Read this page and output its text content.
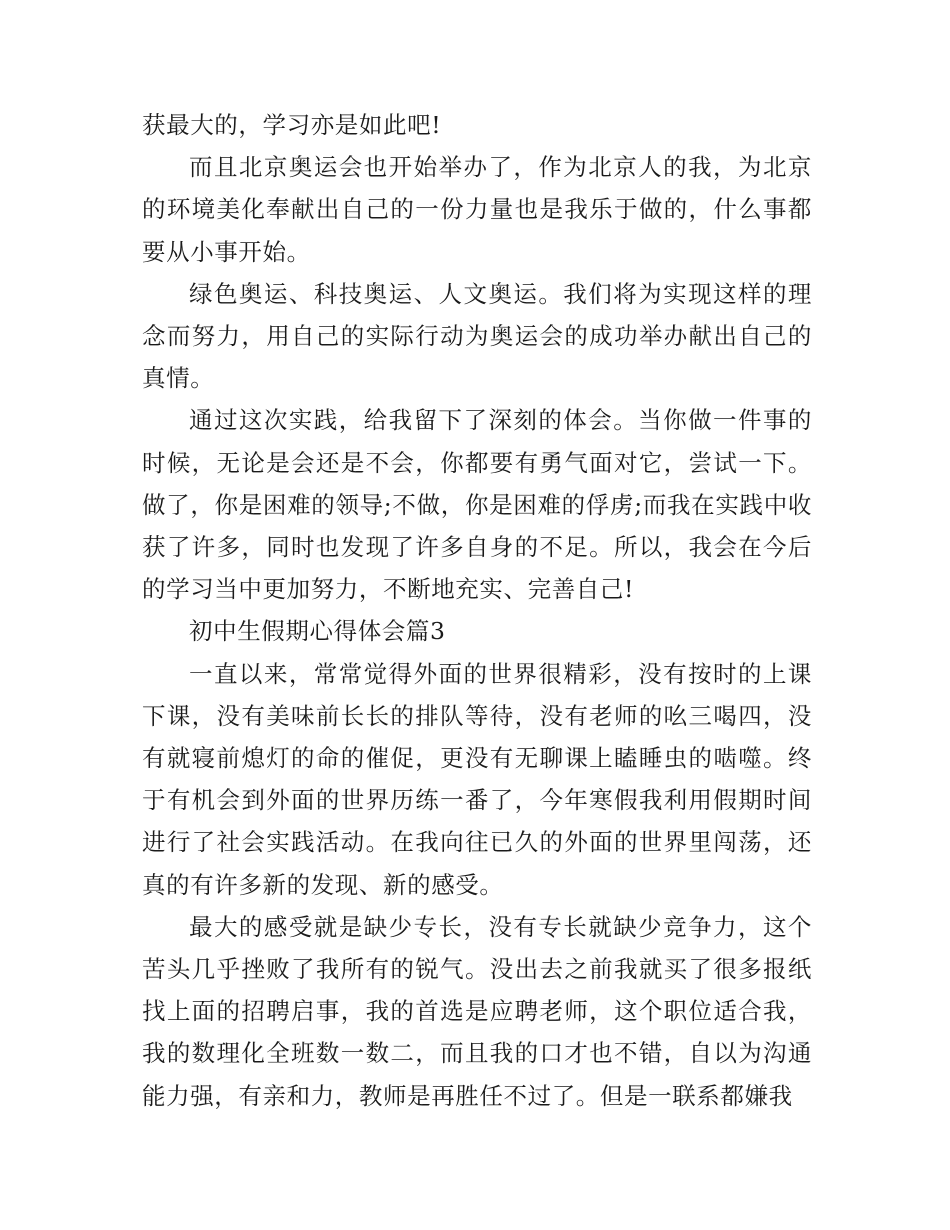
获最大的，学习亦是如此吧!

而且北京奥运会也开始举办了，作为北京人的我，为北京的环境美化奉献出自己的一份力量也是我乐于做的，什么事都要从小事开始。

绿色奥运、科技奥运、人文奥运。我们将为实现这样的理念而努力，用自己的实际行动为奥运会的成功举办献出自己的真情。

通过这次实践，给我留下了深刻的体会。当你做一件事的时候，无论是会还是不会，你都要有勇气面对它，尝试一下。做了，你是困难的领导;不做，你是困难的俘虏;而我在实践中收获了许多，同时也发现了许多自身的不足。所以，我会在今后的学习当中更加努力，不断地充实、完善自己!

初中生假期心得体会篇3

一直以来，常常觉得外面的世界很精彩，没有按时的上课下课，没有美味前长长的排队等待，没有老师的吆三喝四，没有就寝前熄灯的命的催促，更没有无聊课上瞌睡虫的啮噬。终于有机会到外面的世界历练一番了，今年寒假我利用假期时间进行了社会实践活动。在我向往已久的外面的世界里闯荡，还真的有许多新的发现、新的感受。

最大的感受就是缺少专长，没有专长就缺少竞争力，这个苦头几乎挫败了我所有的锐气。没出去之前我就买了很多报纸找上面的招聘启事，我的首选是应聘老师，这个职位适合我，我的数理化全班数一数二，而且我的口才也不错，自以为沟通能力强，有亲和力，教师是再胜任不过了。但是一联系都嫌我
